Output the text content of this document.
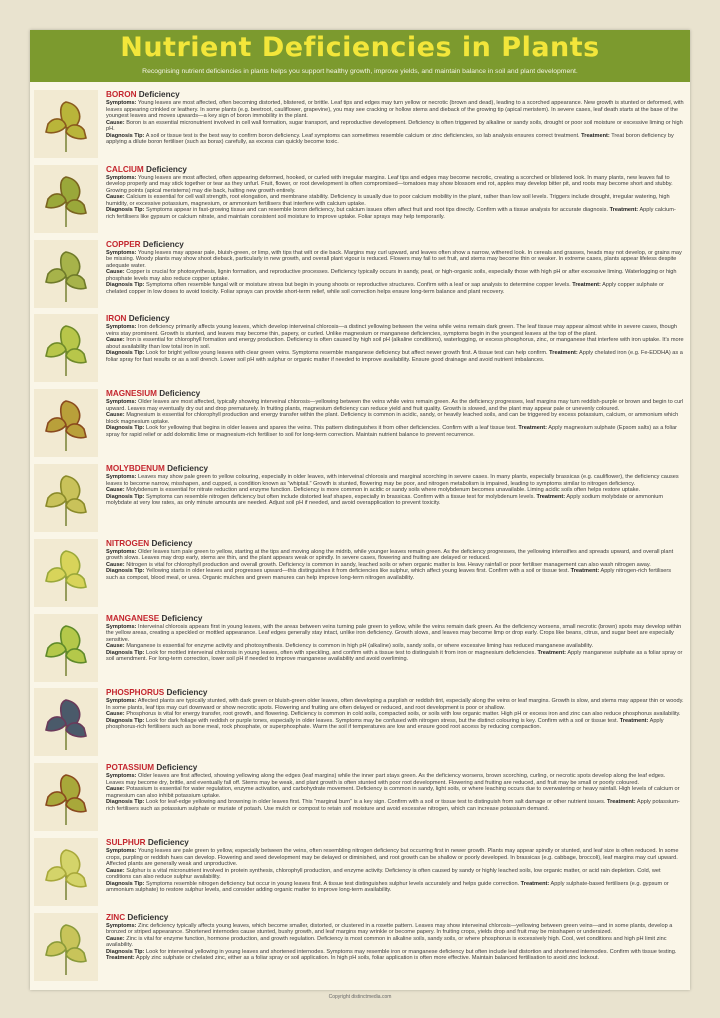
Nutrient Deficiencies in Plants
Recognising nutrient deficiencies in plants helps you support healthy growth, improve yields, and maintain balance in soil and plant development.
BORON Deficiency

Symptoms: Young leaves are most affected, often becoming distorted, blistered, or brittle. Leaf tips and edges may turn yellow or necrotic (brown and dead), leading to a scorched appearance. New growth is stunted or deformed, with leaves appearing crinkled or leathery. In some plants (e.g. beetroot, cauliflower, grapevine), you may see cracking or hollow stems and dieback of the growing tip (apical meristem). In severe cases, leaf death starts at the base of the youngest leaves and moves upwards—a key sign of boron immobility in the plant.

Cause: Boron is an essential micronutrient involved in cell wall formation, sugar transport, and reproductive development. Deficiency is often triggered by alkaline or sandy soils, drought or poor soil moisture or excessive liming or high pH.

Diagnosis Tip: A soil or tissue test is the best way to confirm boron deficiency. Leaf symptoms can sometimes resemble calcium or zinc deficiencies, so lab analysis ensures correct treatment. Treatment: Treat boron deficiency by applying a dilute boron fertiliser (such as borax) carefully, as excess can quickly become toxic.

CALCIUM Deficiency

Symptoms: Young leaves are most affected, often appearing deformed, hooked, or curled with irregular margins. Leaf tips and edges may become necrotic, creating a scorched or blistered look. In many plants, new leaves fail to develop properly and may stick together or tear as they unfurl. Fruit, flower, or root development is often compromised—tomatoes may show blossom end rot, apples may develop bitter pit, and roots may become short and stubby. Growing points (apical meristems) may die back, halting new growth entirely.

Cause: Calcium is essential for cell wall strength, root elongation, and membrane stability. Deficiency is usually due to poor calcium mobility in the plant, rather than low soil levels. Triggers include drought, irregular watering, high humidity, or excessive potassium, magnesium, or ammonium fertilisers that interfere with calcium uptake.

Diagnosis Tip: Symptoms appear in fast-growing tissue and can resemble boron deficiency, but calcium issues often affect fruit and root tips directly. Confirm with a tissue analysis for accurate diagnosis. Treatment: Apply calcium-rich fertilisers like gypsum or calcium nitrate, and maintain consistent soil moisture to improve uptake. Foliar sprays may help temporarily.

COPPER Deficiency

Symptoms: Young leaves may appear pale, bluish-green, or limp, with tips that wilt or die back. Margins may curl upward, and leaves often show a narrow, withered look. In cereals and grasses, heads may not develop, or grains may be missing. Woody plants may show shoot dieback, particularly in new growth, and overall plant vigour is reduced. Flowers may fail to set fruit, and stems may become thin or weaker. In extreme cases, plants appear lifeless despite adequate water.

Cause: Copper is crucial for photosynthesis, lignin formation, and reproductive processes. Deficiency typically occurs in sandy, peat, or high-organic soils, especially those with high pH or after excessive liming. Waterlogging or high phosphate levels may also reduce copper uptake.

Diagnosis Tip: Symptoms often resemble fungal wilt or moisture stress but begin in young shoots or reproductive structures. Confirm with a leaf or sap analysis to determine copper levels. Treatment: Apply copper sulphate or chelated copper in low doses to avoid toxicity. Foliar sprays can provide short-term relief, while soil correction helps ensure long-term balance and plant recovery.

IRON Deficiency

Symptoms: Iron deficiency primarily affects young leaves, which develop interveinal chlorosis—a distinct yellowing between the veins while veins remain dark green. The leaf tissue may appear almost white in severe cases, though veins stay prominent. Growth is stunted, and leaves may become thin, papery, or curled. Unlike magnesium or manganese deficiencies, symptoms begin in the youngest leaves at the top of the plant.

Cause: Iron is essential for chlorophyll formation and energy production. Deficiency is often caused by high soil pH (alkaline conditions), waterlogging, or excess phosphorus, zinc, or manganese that interfere with iron uptake. It’s more about availability than low total iron in soil.

Diagnosis Tip: Look for bright yellow young leaves with clear green veins. Symptoms resemble manganese deficiency but affect newer growth first. A tissue test can help confirm. Treatment: Apply chelated iron (e.g. Fe-EDDHA) as a foliar spray for fast results or as a soil drench. Lower soil pH with sulphur or organic matter if needed to improve availability. Ensure good drainage and avoid nutrient imbalances.

MAGNESIUM Deficiency

Symptoms: Older leaves are most affected, typically showing interveinal chlorosis—yellowing between the veins while veins remain green. As the deficiency progresses, leaf margins may turn reddish-purple or brown and begin to curl upward. Leaves may eventually dry out and drop prematurely. In fruiting plants, magnesium deficiency can reduce yield and fruit quality. Growth is slowed, and the plant may appear pale or unevenly coloured.

Cause: Magnesium is essential for chlorophyll production and energy transfer within the plant. Deficiency is common in acidic, sandy, or heavily leached soils, and can be triggered by excess potassium, calcium, or ammonium which block magnesium uptake.

Diagnosis Tip: Look for yellowing that begins in older leaves and spares the veins. This pattern distinguishes it from other deficiencies. Confirm with a leaf tissue test. Treatment: Apply magnesium sulphate (Epsom salts) as a foliar spray for rapid relief or add dolomitic lime or magnesium-rich fertiliser to soil for long-term correction. Maintain nutrient balance to prevent recurrence.

MOLYBDENUM Deficiency

Symptoms: Leaves may show pale green to yellow colouring, especially in older leaves, with interveinal chlorosis and marginal scorching in severe cases. In many plants, especially brassicas (e.g. cauliflower), the deficiency causes leaves to become narrow, misshapen, and cupped, a condition known as “whiptail.” Growth is stunted, flowering may be poor, and nitrogen metabolism is impaired, leading to symptoms similar to nitrogen deficiency.

Cause: Molybdenum is essential for nitrate reduction and enzyme function. Deficiency is more common in acidic or sandy soils where molybdenum becomes unavailable. Liming acidic soils often helps restore uptake.

Diagnosis Tip: Symptoms can resemble nitrogen deficiency but often include distorted leaf shapes, especially in brassicas. Confirm with a tissue test for molybdenum levels. Treatment: Apply sodium molybdate or ammonium molybdate at very low rates, as only minute amounts are needed. Adjust soil pH if needed, and avoid overapplication to prevent toxicity.

NITROGEN Deficiency

Symptoms: Older leaves turn pale green to yellow, starting at the tips and moving along the midrib, while younger leaves remain green. As the deficiency progresses, the yellowing intensifies and spreads upward, and overall plant growth slows. Leaves may drop early, stems are thin, and the plant appears weak or spindly. In severe cases, flowering and fruiting are delayed or reduced.

Cause: Nitrogen is vital for chlorophyll production and overall growth. Deficiency is common in sandy, leached soils or when organic matter is low. Heavy rainfall or poor fertiliser management can also wash nitrogen away.

Diagnosis Tip: Yellowing starts in older leaves and progresses upward—this distinguishes it from deficiencies like sulphur, which affect young leaves first. Confirm with a soil or tissue test. Treatment: Apply nitrogen-rich fertilisers such as compost, blood meal, or urea. Organic mulches and green manures can help improve long-term nitrogen availability.

MANGANESE Deficiency

Symptoms: Interveinal chlorosis appears first in young leaves, with the areas between veins turning pale green to yellow, while the veins remain dark green. As the deficiency worsens, small necrotic (brown) spots may develop within the yellow areas, creating a speckled or mottled appearance. Leaf edges generally stay intact, unlike iron deficiency. Growth slows, and leaves may become limp or drop early. Crops like beans, citrus, and sugar beet are especially sensitive.

Cause: Manganese is essential for enzyme activity and photosynthesis. Deficiency is common in high pH (alkaline) soils, sandy soils, or where excessive liming has reduced manganese availability.

Diagnosis Tip: Look for mottled interveinal chlorosis in young leaves, often with speckling, and confirm with a tissue test to distinguish it from iron or magnesium deficiencies. Treatment: Apply manganese sulphate as a foliar spray or soil amendment. For long-term correction, lower soil pH if needed to improve manganese availability and avoid overliming.

PHOSPHORUS Deficiency

Symptoms: Affected plants are typically stunted, with dark green or bluish-green older leaves, often developing a purplish or reddish tint, especially along the veins or leaf margins. Growth is slow, and stems may appear thin or woody. In some plants, leaf tips may curl downward or show necrotic spots. Flowering and fruiting are often delayed or reduced, and root development is poor or shallow.

Cause: Phosphorus is vital for energy transfer, root growth, and flowering. Deficiency is common in cold soils, compacted soils, or soils with low organic matter. High pH or excess iron and zinc can also reduce phosphorus availability.

Diagnosis Tip: Look for dark foliage with reddish or purple tones, especially in older leaves. Symptoms may be confused with nitrogen stress, but the distinct colouring is key. Confirm with a soil or tissue test. Treatment: Apply phosphorus-rich fertilisers such as bone meal, rock phosphate, or superphosphate. Warm the soil if temperatures are low and ensure good root access by reducing compaction.

POTASSIUM Deficiency

Symptoms: Older leaves are first affected, showing yellowing along the edges (leaf margins) while the inner part stays green. As the deficiency worsens, brown scorching, curling, or necrotic spots develop along the leaf edges. Leaves may become dry, brittle, and eventually fall off. Stems may be weak, and plant growth is often stunted with poor root development. Flowering and fruiting are reduced, and fruit may be small or poorly coloured.

Cause: Potassium is essential for water regulation, enzyme activation, and carbohydrate movement. Deficiency is common in sandy, light soils, or where leaching occurs due to overwatering or heavy rainfall. High levels of calcium or magnesium can also inhibit potassium uptake.

Diagnosis Tip: Look for leaf-edge yellowing and browning in older leaves first. This “marginal burn” is a key sign. Confirm with a soil or tissue test to distinguish from salt damage or other nutrient issues. Treatment: Apply potassium-rich fertilisers such as potassium sulphate or muriate of potash. Use mulch or compost to retain soil moisture and avoid excessive nitrogen, which can increase potassium demand.

SULPHUR Deficiency

Symptoms: Young leaves are pale green to yellow, especially between the veins, often resembling nitrogen deficiency but occurring first in newer growth. Plants may appear spindly or stunted, and leaf size is often reduced. In some crops, purpling or reddish hues can develop. Flowering and seed development may be delayed or diminished, and root growth can be shallow or poorly developed. In brassicas (e.g. cabbage, broccoli), leaf margins may curl upward. Affected plants are generally weak and unproductive.

Cause: Sulphur is a vital micronutrient involved in protein synthesis, chlorophyll production, and enzyme activity. Deficiency is often caused by sandy or highly leached soils, low organic matter, or acid rain depletion. Cold, wet conditions can also reduce sulphur availability.

Diagnosis Tip: Symptoms resemble nitrogen deficiency but occur in young leaves first. A tissue test distinguishes sulphur levels accurately and helps guide correction. Treatment: Apply sulphate-based fertilisers (e.g. gypsum or ammonium sulphate) to restore sulphur levels, and consider adding organic matter to improve long-term availability.

ZINC Deficiency

Symptoms: Zinc deficiency typically affects young leaves, which become smaller, distorted, or clustered in a rosette pattern. Leaves may show interveinal chlorosis—yellowing between green veins—and in some plants, develop a bronzed or striped appearance. Shortened internodes cause stunted, bushy growth, and leaf margins may wrinkle or become papery. In fruiting crops, yields drop and fruit may be misshapen or undersized.

Cause: Zinc is vital for enzyme function, hormone production, and growth regulation. Deficiency is most common in alkaline soils, sandy soils, or where phosphorus is excessively high. Cool, wet conditions and high pH limit zinc availability.

Diagnosis Tip: Look for interveinal yellowing in young leaves and shortened internodes. Symptoms may resemble iron or manganese deficiency but often include leaf distortion and shortened internodes. Confirm with tissue testing. Treatment: Apply zinc sulphate or chelated zinc, either as a foliar spray or soil application. In high pH soils, foliar application is often more effective. Maintain balanced fertilisation to avoid zinc lockout.

Copyright distinctmedia.com
